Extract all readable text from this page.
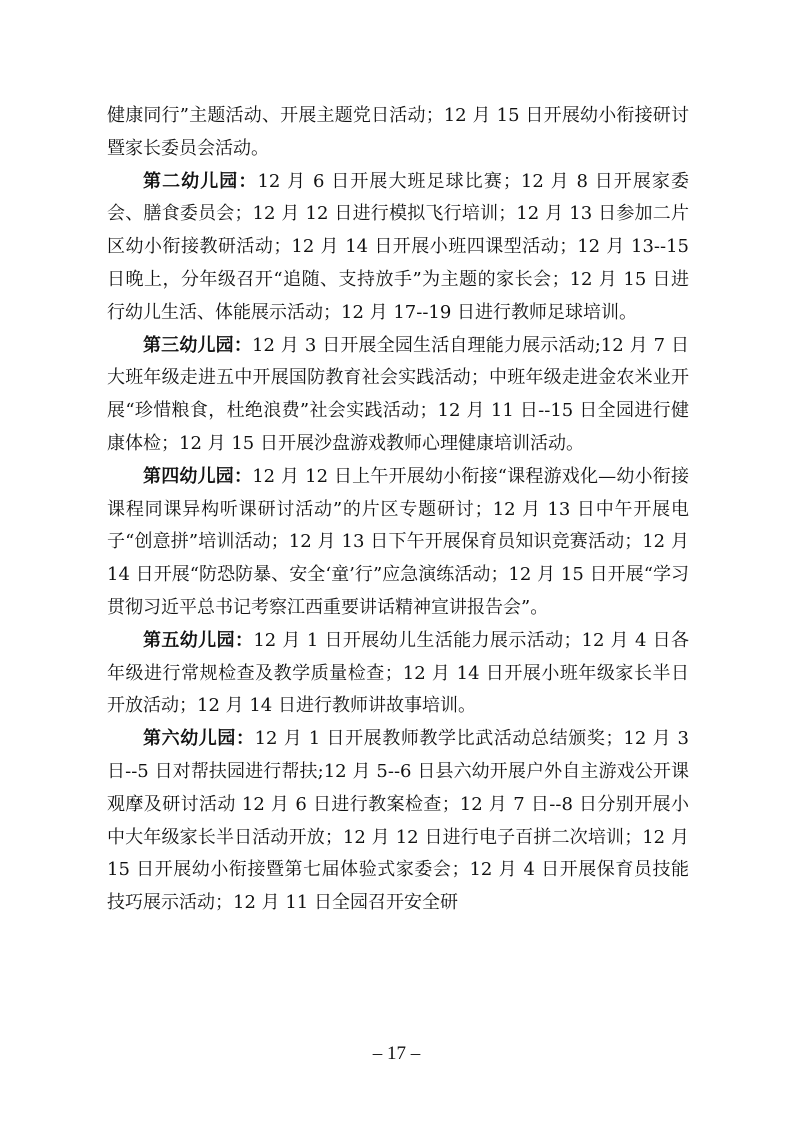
健康同行”主题活动、开展主题党日活动；12 月 15 日开展幼小衔接研讨暨家长委员会活动。

第二幼儿园：12 月 6 日开展大班足球比赛；12 月 8 日开展家委会、膳食委员会；12 月 12 日进行模拟飞行培训；12 月 13 日参加二片区幼小衔接教研活动；12 月 14 日开展小班四课型活动；12 月 13--15 日晚上，分年级召开“追随、支持放手”为主题的家长会；12 月 15 日进行幼儿生活、体能展示活动；12 月 17--19 日进行教师足球培训。

第三幼儿园：12 月 3 日开展全园生活自理能力展示活动;12 月 7 日大班年级走进五中开展国防教育社会实践活动；中班年级走进金农米业开展“珍惜粮食，杜绝浪费”社会实践活动；12 月 11 日--15 日全园进行健康体检；12 月 15 日开展沙盘游戏教师心理健康培训活动。

第四幼儿园：12 月 12 日上午开展幼小衔接“课程游戏化—幼小衔接课程同课异构听课研讨活动”的片区专题研讨；12 月 13 日中午开展电子“创意拼”培训活动；12 月 13 日下午开展保育员知识竞赛活动；12 月 14 日开展“防恐防暴、安全‘童’行”应急演练活动；12 月 15 日开展“学习贯彻习近平总书记考察江西重要讲话精神宣讲报告会”。

第五幼儿园：12 月 1 日开展幼儿生活能力展示活动；12 月 4 日各年级进行常规检查及教学质量检查；12 月 14 日开展小班年级家长半日开放活动；12 月 14 日进行教师讲故事培训。

第六幼儿园：12 月 1 日开展教师教学比武活动总结颁奖；12 月 3 日--5 日对帮扶园进行帮扶;12 月 5--6 日县六幼开展户外自主游戏公开课观摩及研讨活动 12 月 6 日进行教案检查；12 月 7 日--8 日分别开展小中大年级家长半日活动开放；12 月 12 日进行电子百拼二次培训；12 月 15 日开展幼小衔接暨第七届体验式家委会；12 月 4 日开展保育员技能技巧展示活动；12 月 11 日全园召开安全研

– 17 –
